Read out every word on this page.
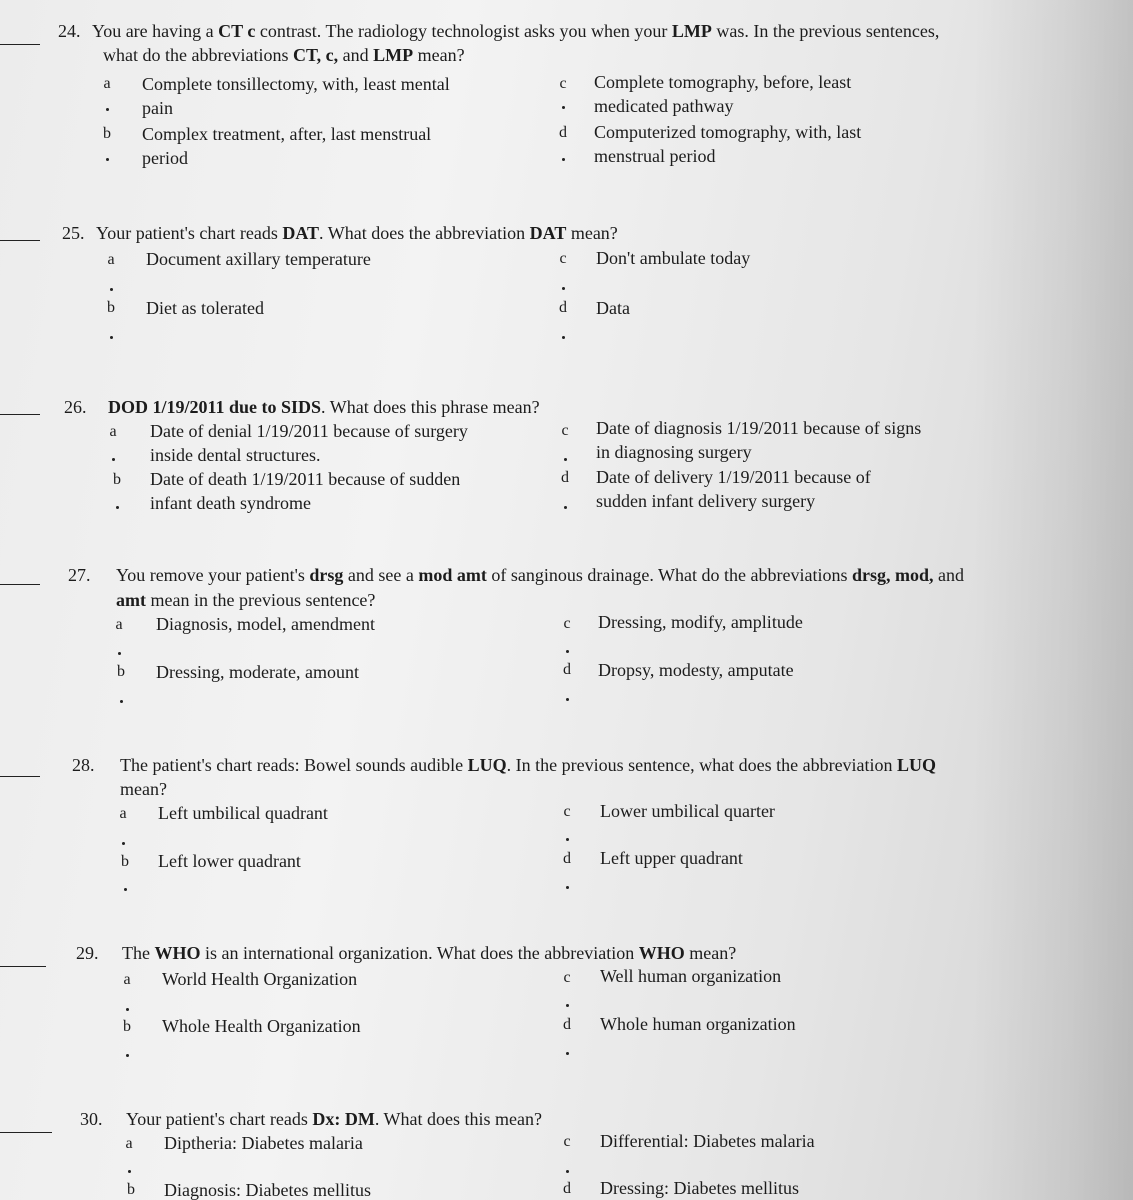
24. You are having a CT c contrast. The radiology technologist asks you when your LMP was. In the previous sentences,
what do the abbreviations CT, c, and LMP mean?
a Complete tonsillectomy, with, least mental
pain
b Complex treatment, after, last menstrual
period
c Complete tomography, before, least
medicated pathway
d Computerized tomography, with, last
menstrual period
25. Your patient's chart reads DAT. What does the abbreviation DAT mean?
a Document axillary temperature
b Diet as tolerated
c Don't ambulate today
d Data
26. DOD 1/19/2011 due to SIDS. What does this phrase mean?
a Date of denial 1/19/2011 because of surgery
inside dental structures.
b Date of death 1/19/2011 because of sudden
infant death syndrome
c Date of diagnosis 1/19/2011 because of signs
in diagnosing surgery
d Date of delivery 1/19/2011 because of
sudden infant delivery surgery
27. You remove your patient's drsg and see a mod amt of sanginous drainage. What do the abbreviations drsg, mod, and
amt mean in the previous sentence?
a Diagnosis, model, amendment
b Dressing, moderate, amount
c Dressing, modify, amplitude
d Dropsy, modesty, amputate
28. The patient's chart reads: Bowel sounds audible LUQ. In the previous sentence, what does the abbreviation LUQ
mean?
a Left umbilical quadrant
b Left lower quadrant
c Lower umbilical quarter
d Left upper quadrant
29. The WHO is an international organization. What does the abbreviation WHO mean?
a World Health Organization
b Whole Health Organization
c Well human organization
d Whole human organization
30. Your patient's chart reads Dx: DM. What does this mean?
a Diptheria: Diabetes malaria
b Diagnosis: Diabetes mellitus
c Differential: Diabetes malaria
d Dressing: Diabetes mellitus
